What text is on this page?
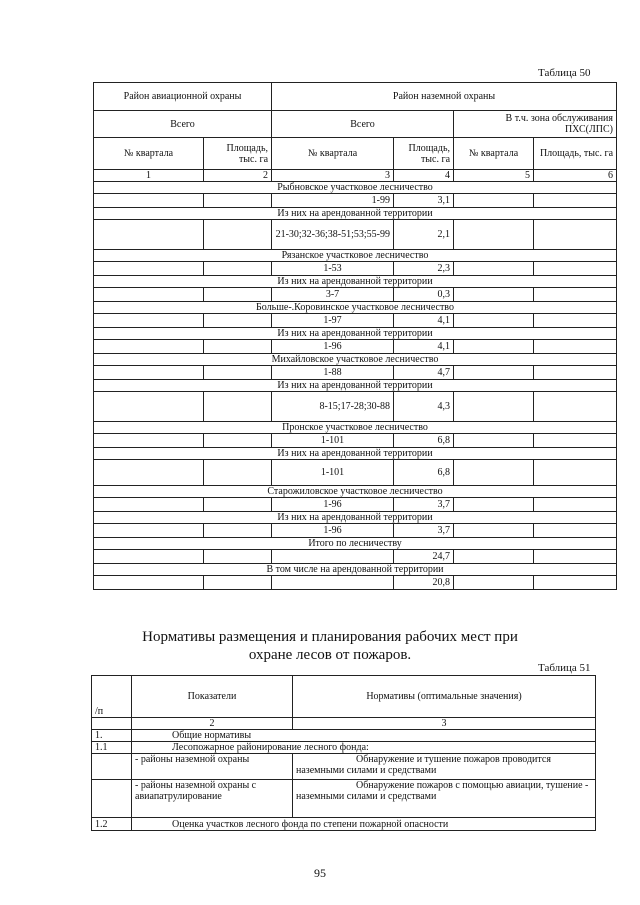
Таблица 50
Район авиационной охраны		Район наземной охраны			
Всего		Всего		В т.ч. зона обслуживания ПХС(ЛПС)	
№ квартала	Площадь, тыс. га	№ квартала	Площадь, тыс. га	№ квартала	Площадь, тыс. га
1	2	3	4	5	6
Рыбновское участковое лесничество					
		1-99	3,1		
Из них на арендованной территории					
		21-30;32-36;38-51;53;55-99	2,1		
Рязанское участковое лесничество					
		1-53	2,3		
Из них на арендованной территории					
		3-7	0,3		
Больше-.Коровинское участковое лесничество					
		1-97	4,1		
Из них на арендованной территории					
		1-96	4,1		
Михайловское участковое лесничество					
		1-88	4,7		
Из них на арендованной территории					
		8-15;17-28;30-88	4,3		
Пронское участковое лесничество					
		1-101	6,8		
Из них на арендованной территории					
		1-101	6,8		
Старожиловское участковое лесничество					
		1-96	3,7		
Из них на арендованной территории					
		1-96	3,7		
Итого по лесничеству					
			24,7		
В том числе на арендованной территории					
			20,8		
Нормативы размещения и планирования рабочих мест при охране лесов от пожаров.
Таблица 51
/п	Показатели	Нормативы (оптимальные значения)
	2	3
1.	Общие нормативы	
1.1	Лесопожарное районирование лесного фонда:	
	- районы наземной охраны	Обнаружение и тушение пожаров проводится наземными силами и средствами
	- районы наземной охраны с авиапатрулирование	Обнаружение пожаров с помощью авиации, тушение - наземными силами и средствами
1.2	Оценка участков лесного фонда по степени пожарной опасности	
95
